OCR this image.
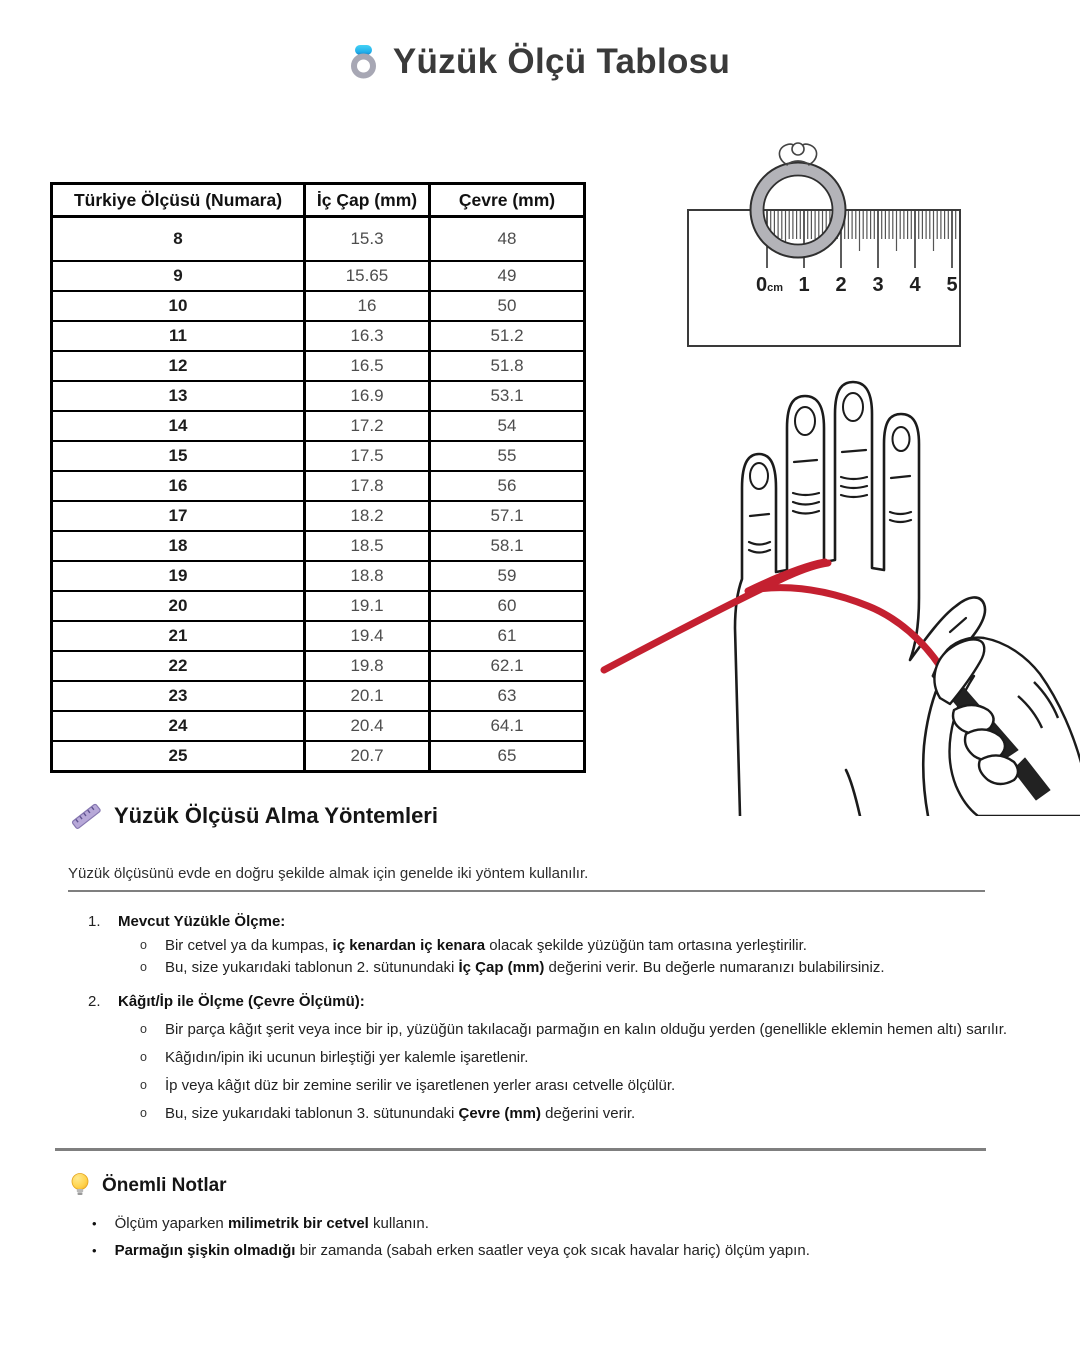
Yüzük Ölçü Tablosu
Türkiye Ölçüsü (Numara)	İç Çap (mm)	Çevre (mm)
8	15.3	48
9	15.65	49
10	16	50
11	16.3	51.2
12	16.5	51.8
13	16.9	53.1
14	17.2	54
15	17.5	55
16	17.8	56
17	18.2	57.1
18	18.5	58.1
19	18.8	59
20	19.1	60
21	19.4	61
22	19.8	62.1
23	20.1	63
24	20.4	64.1
25	20.7	65
0cm 1 2 3 4 5
Yüzük Ölçüsü Alma Yöntemleri

Yüzük ölçüsünü evde en doğru şekilde almak için genelde iki yöntem kullanılır.

1. Mevcut Yüzükle Ölçme:
o Bir cetvel ya da kumpas, iç kenardan iç kenara olacak şekilde yüzüğün tam ortasına yerleştirilir.
o Bu, size yukarıdaki tablonun 2. sütunundaki İç Çap (mm) değerini verir. Bu değerle numaranızı bulabilirsiniz.
2. Kâğıt/İp ile Ölçme (Çevre Ölçümü):
o Bir parça kâğıt şerit veya ince bir ip, yüzüğün takılacağı parmağın en kalın olduğu yerden (genellikle eklemin hemen altı) sarılır.
o Kâğıdın/ipin iki ucunun birleştiği yer kalemle işaretlenir.
o İp veya kâğıt düz bir zemine serilir ve işaretlenen yerler arası cetvelle ölçülür.
o Bu, size yukarıdaki tablonun 3. sütunundaki Çevre (mm) değerini verir.
Önemli Notlar
• Ölçüm yaparken milimetrik bir cetvel kullanın.
• Parmağın şişkin olmadığı bir zamanda (sabah erken saatler veya çok sıcak havalar hariç) ölçüm yapın.
